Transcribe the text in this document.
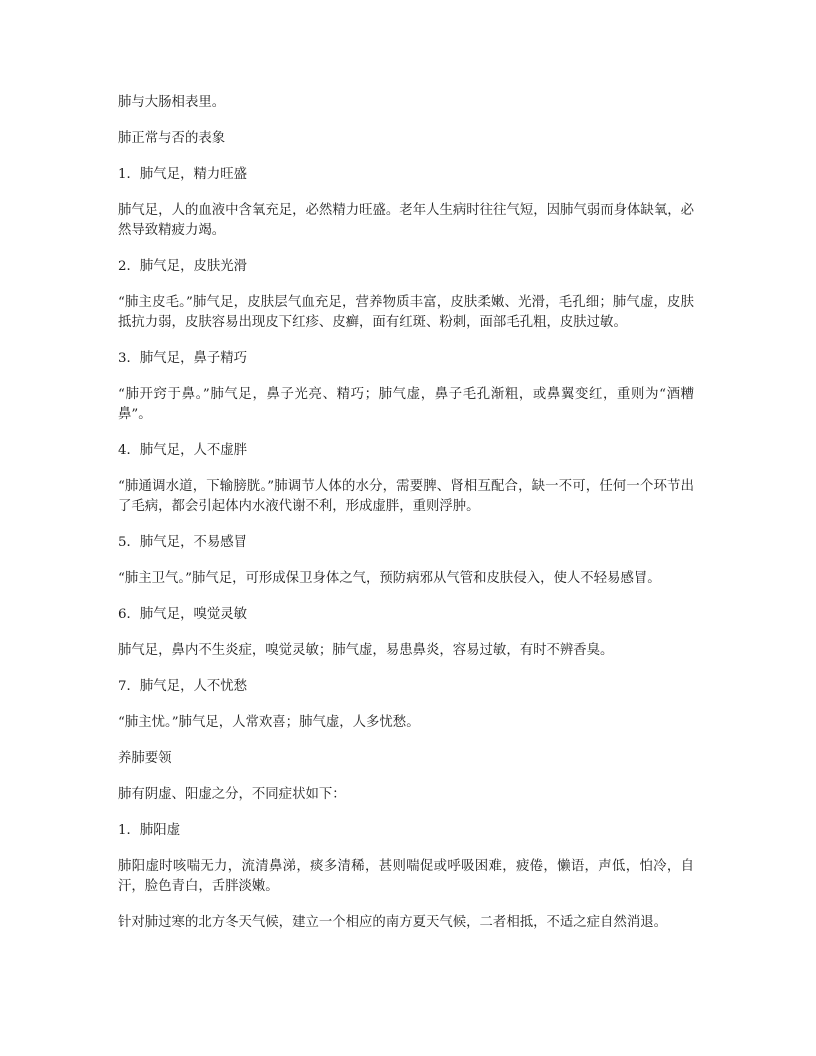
肺与大肠相表里。

肺正常与否的表象

1．肺气足，精力旺盛

肺气足，人的血液中含氧充足，必然精力旺盛。老年人生病时往往气短，因肺气弱而身体缺氧，必然导致精疲力竭。

2．肺气足，皮肤光滑

“肺主皮毛。”肺气足，皮肤层气血充足，营养物质丰富，皮肤柔嫩、光滑，毛孔细；肺气虚，皮肤抵抗力弱，皮肤容易出现皮下红疹、皮癣，面有红斑、粉刺，面部毛孔粗，皮肤过敏。

3．肺气足，鼻子精巧

“肺开窍于鼻。”肺气足，鼻子光亮、精巧；肺气虚，鼻子毛孔渐粗，或鼻翼变红，重则为“酒糟鼻”。

4．肺气足，人不虚胖

“肺通调水道，下输膀胱。”肺调节人体的水分，需要脾、肾相互配合，缺一不可，任何一个环节出了毛病，都会引起体内水液代谢不利，形成虚胖，重则浮肿。

5．肺气足，不易感冒

“肺主卫气。”肺气足，可形成保卫身体之气，预防病邪从气管和皮肤侵入，使人不轻易感冒。

6．肺气足，嗅觉灵敏

肺气足，鼻内不生炎症，嗅觉灵敏；肺气虚，易患鼻炎，容易过敏，有时不辨香臭。

7．肺气足，人不忧愁

“肺主忧。”肺气足，人常欢喜；肺气虚，人多忧愁。

养肺要领

肺有阴虚、阳虚之分，不同症状如下：

1．肺阳虚

肺阳虚时咳喘无力，流清鼻涕，痰多清稀，甚则喘促或呼吸困难，疲倦，懒语，声低，怕冷，自汗，脸色青白，舌胖淡嫩。

针对肺过寒的北方冬天气候，建立一个相应的南方夏天气候，二者相抵，不适之症自然消退。
